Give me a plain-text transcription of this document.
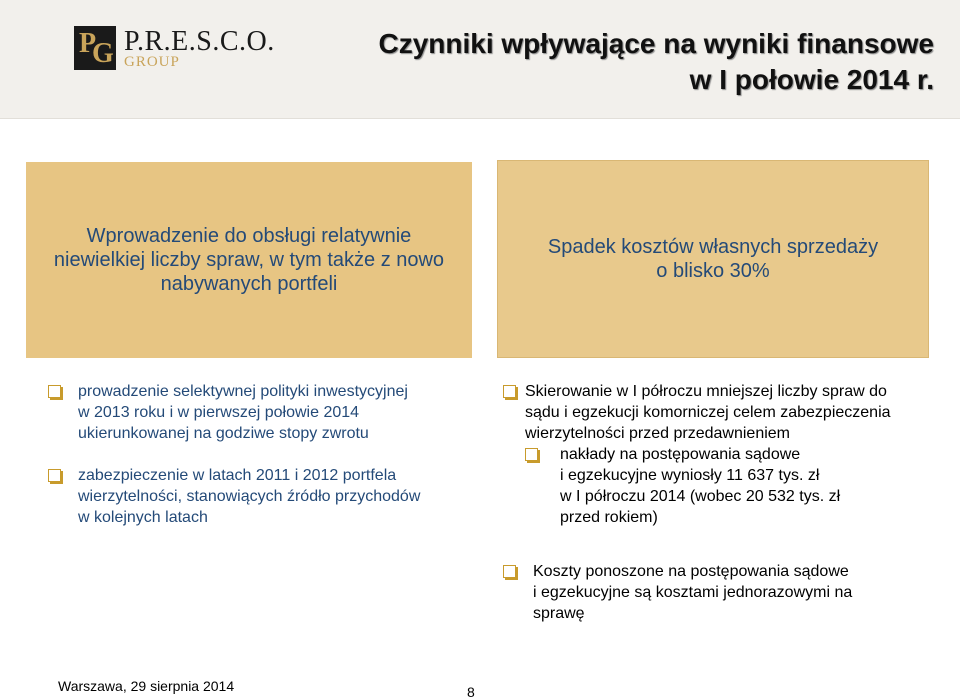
P
G P.R.E.S.C.O.
GROUP
Czynniki wpływające na wyniki finansowe
w I połowie 2014 r.
Wprowadzenie do obsługi relatywnie
niewielkiej liczby spraw, w tym także z nowo
nabywanych portfeli
Spadek kosztów własnych sprzedaży
o blisko 30%
prowadzenie selektywnej polityki inwestycyjnej
w 2013 roku i w pierwszej połowie 2014
ukierunkowanej na godziwe stopy zwrotu
zabezpieczenie w latach 2011 i 2012 portfela
wierzytelności, stanowiących źródło przychodów
w kolejnych latach
Skierowanie w I półroczu mniejszej liczby spraw do
sądu i egzekucji komorniczej celem zabezpieczenia
wierzytelności przed przedawnieniem
nakłady na postępowania sądowe
i egzekucyjne wyniosły 11 637 tys. zł
w I półroczu 2014 (wobec 20 532 tys. zł
przed rokiem)
Koszty ponoszone na postępowania sądowe
i egzekucyjne są kosztami jednorazowymi na
sprawę
Warszawa, 29 sierpnia 2014	8
